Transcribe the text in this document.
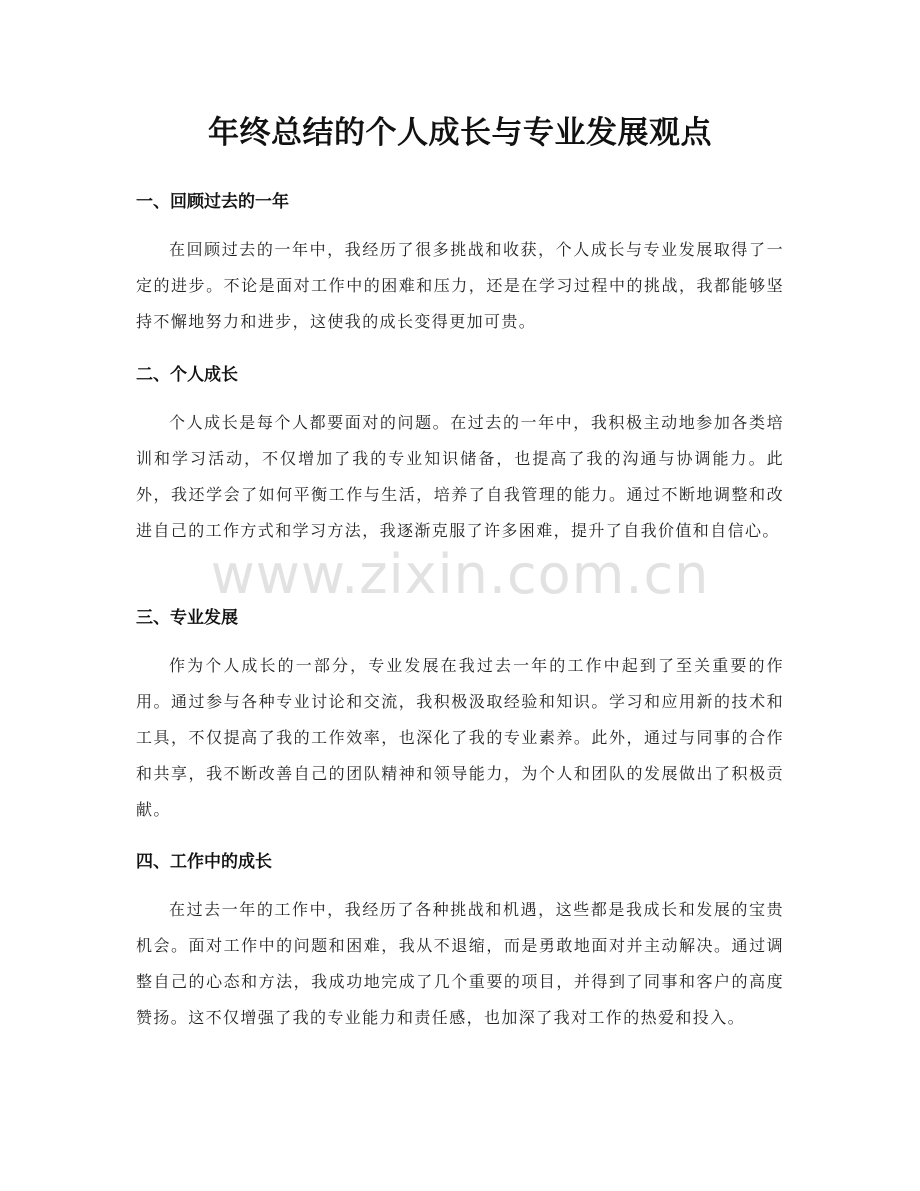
年终总结的个人成长与专业发展观点
一、回顾过去的一年

在回顾过去的一年中，我经历了很多挑战和收获，个人成长与专业发展取得了一定的进步。不论是面对工作中的困难和压力，还是在学习过程中的挑战，我都能够坚持不懈地努力和进步，这使我的成长变得更加可贵。

二、个人成长

个人成长是每个人都要面对的问题。在过去的一年中，我积极主动地参加各类培训和学习活动，不仅增加了我的专业知识储备，也提高了我的沟通与协调能力。此外，我还学会了如何平衡工作与生活，培养了自我管理的能力。通过不断地调整和改进自己的工作方式和学习方法，我逐渐克服了许多困难，提升了自我价值和自信心。

三、专业发展

作为个人成长的一部分，专业发展在我过去一年的工作中起到了至关重要的作用。通过参与各种专业讨论和交流，我积极汲取经验和知识。学习和应用新的技术和工具，不仅提高了我的工作效率，也深化了我的专业素养。此外，通过与同事的合作和共享，我不断改善自己的团队精神和领导能力，为个人和团队的发展做出了积极贡献。

四、工作中的成长

在过去一年的工作中，我经历了各种挑战和机遇，这些都是我成长和发展的宝贵机会。面对工作中的问题和困难，我从不退缩，而是勇敢地面对并主动解决。通过调整自己的心态和方法，我成功地完成了几个重要的项目，并得到了同事和客户的高度赞扬。这不仅增强了我的专业能力和责任感，也加深了我对工作的热爱和投入。

www.zixin.com.cn
